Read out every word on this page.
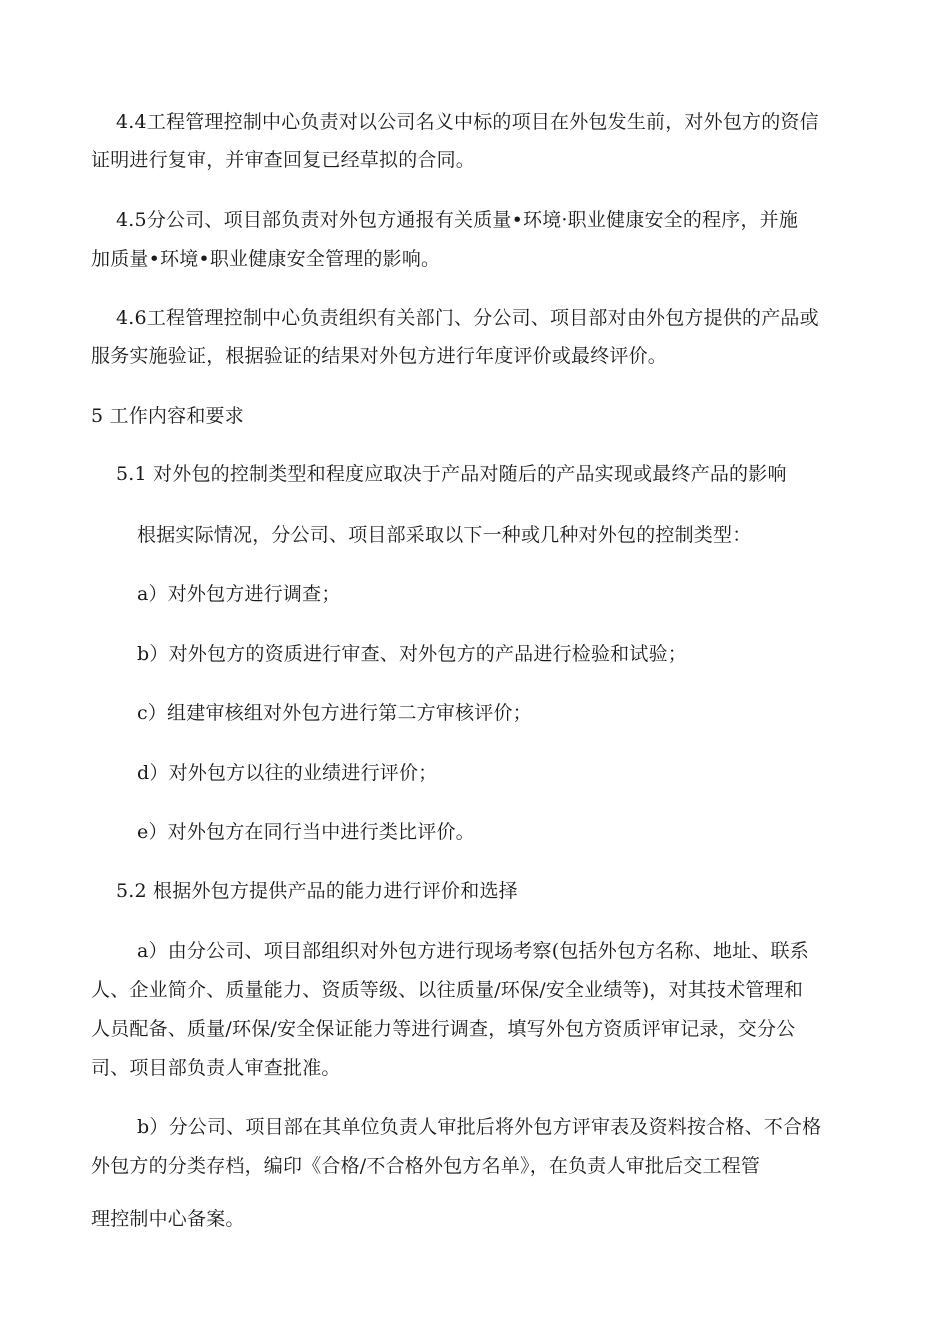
4.4工程管理控制中心负责对以公司名义中标的项目在外包发生前，对外包方的资信

证明进行复审，并审查回复已经草拟的合同。

4.5分公司、项目部负责对外包方通报有关质量•环境·职业健康安全的程序，并施

加质量•环境•职业健康安全管理的影响。

4.6工程管理控制中心负责组织有关部门、分公司、项目部对由外包方提供的产品或

服务实施验证，根据验证的结果对外包方进行年度评价或最终评价。

5 工作内容和要求

5.1 对外包的控制类型和程度应取决于产品对随后的产品实现或最终产品的影响

根据实际情况，分公司、项目部采取以下一种或几种对外包的控制类型：

a）对外包方进行调查；

b）对外包方的资质进行审查、对外包方的产品进行检验和试验；

c）组建审核组对外包方进行第二方审核评价；

d）对外包方以往的业绩进行评价；

e）对外包方在同行当中进行类比评价。

5.2 根据外包方提供产品的能力进行评价和选择

a）由分公司、项目部组织对外包方进行现场考察(包括外包方名称、地址、联系

人、企业简介、质量能力、资质等级、以往质量/环保/安全业绩等)，对其技术管理和

人员配备、质量/环保/安全保证能力等进行调查，填写外包方资质评审记录，交分公

司、项目部负责人审查批准。

b）分公司、项目部在其单位负责人审批后将外包方评审表及资料按合格、不合格

外包方的分类存档，编印《合格/不合格外包方名单》，在负责人审批后交工程管

理控制中心备案。
